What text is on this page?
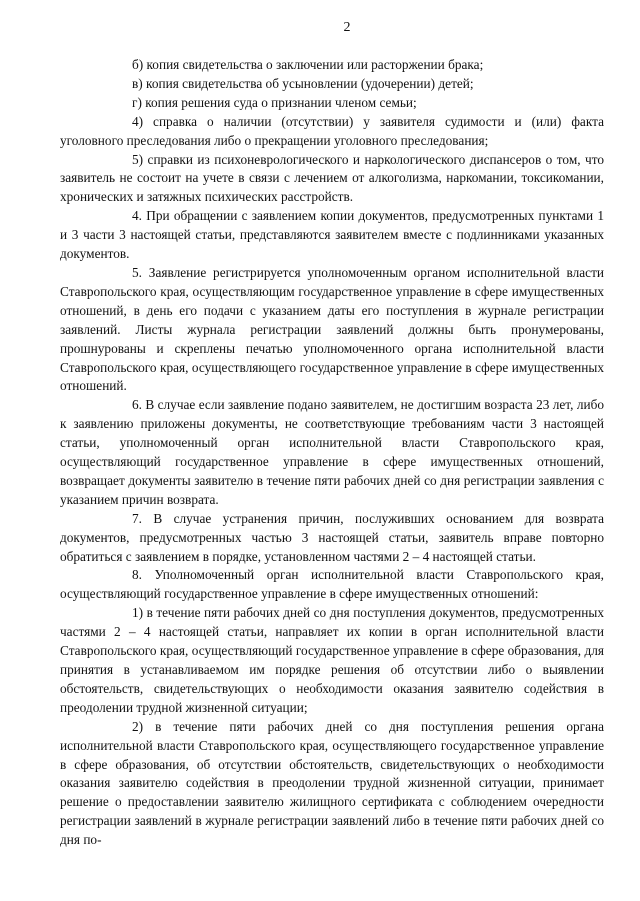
2

б) копия свидетельства о заключении или расторжении брака;

в) копия свидетельства об усыновлении (удочерении) детей;

г) копия решения суда о признании членом семьи;

4) справка о наличии (отсутствии) у заявителя судимости и (или) факта уголовного преследования либо о прекращении уголовного преследования;

5) справки из психоневрологического и наркологического диспансеров о том, что заявитель не состоит на учете в связи с лечением от алкоголизма, наркомании, токсикомании, хронических и затяжных психических расстройств.

4. При обращении с заявлением копии документов, предусмотренных пунктами 1 и 3 части 3 настоящей статьи, представляются заявителем вместе с подлинниками указанных документов.

5. Заявление регистрируется уполномоченным органом исполнительной власти Ставропольского края, осуществляющим государственное управление в сфере имущественных отношений, в день его подачи с указанием даты его поступления в журнале регистрации заявлений. Листы журнала регистрации заявлений должны быть пронумерованы, прошнурованы и скреплены печатью уполномоченного органа исполнительной власти Ставропольского края, осуществляющего государственное управление в сфере имущественных отношений.

6. В случае если заявление подано заявителем, не достигшим возраста 23 лет, либо к заявлению приложены документы, не соответствующие требованиям части 3 настоящей статьи, уполномоченный орган исполнительной власти Ставропольского края, осуществляющий государственное управление в сфере имущественных отношений, возвращает документы заявителю в течение пяти рабочих дней со дня регистрации заявления с указанием причин возврата.

7. В случае устранения причин, послуживших основанием для возврата документов, предусмотренных частью 3 настоящей статьи, заявитель вправе повторно обратиться с заявлением в порядке, установленном частями 2 – 4 настоящей статьи.

8. Уполномоченный орган исполнительной власти Ставропольского края, осуществляющий государственное управление в сфере имущественных отношений:

1) в течение пяти рабочих дней со дня поступления документов, предусмотренных частями 2 – 4 настоящей статьи, направляет их копии в орган исполнительной власти Ставропольского края, осуществляющий государственное управление в сфере образования, для принятия в устанавливаемом им порядке решения об отсутствии либо о выявлении обстоятельств, свидетельствующих о необходимости оказания заявителю содействия в преодолении трудной жизненной ситуации;

2) в течение пяти рабочих дней со дня поступления решения органа исполнительной власти Ставропольского края, осуществляющего государственное управление в сфере образования, об отсутствии обстоятельств, свидетельствующих о необходимости оказания заявителю содействия в преодолении трудной жизненной ситуации, принимает решение о предоставлении заявителю жилищного сертификата с соблюдением очередности регистрации заявлений в журнале регистрации заявлений либо в течение пяти рабочих дней со дня по-
